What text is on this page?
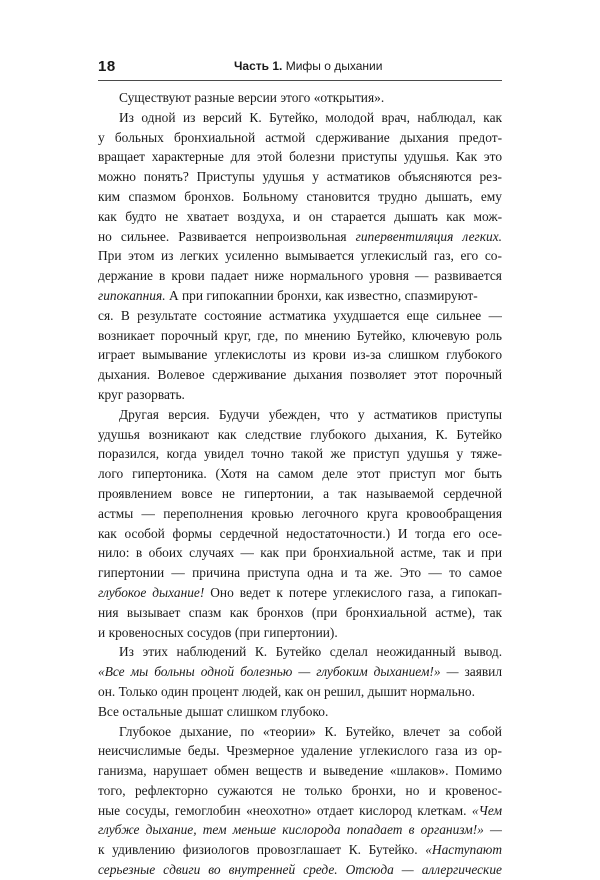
18	Часть 1. Мифы о дыхании
Существуют разные версии этого «открытия».
Из одной из версий К. Бутейко, молодой врач, наблюдал, как
у больных бронхиальной астмой сдерживание дыхания предот-
вращает характерные для этой болезни приступы удушья. Как это
можно понять? Приступы удушья у астматиков объясняются рез-
ким спазмом бронхов. Больному становится трудно дышать, ему
как будто не хватает воздуха, и он старается дышать как мож-
но сильнее. Развивается непроизвольная гипервентиляция легких.
При этом из легких усиленно вымывается углекислый газ, его со-
держание в крови падает ниже нормального уровня — развивается
гипокапния. А при гипокапнии бронхи, как известно, спазмируют-
ся. В результате состояние астматика ухудшается еще сильнее —
возникает порочный круг, где, по мнению Бутейко, ключевую роль
играет вымывание углекислоты из крови из-за слишком глубокого
дыхания. Волевое сдерживание дыхания позволяет этот порочный
круг разорвать.
Другая версия. Будучи убежден, что у астматиков приступы
удушья возникают как следствие глубокого дыхания, К. Бутейко
поразился, когда увидел точно такой же приступ удушья у тяже-
лого гипертоника. (Хотя на самом деле этот приступ мог быть
проявлением вовсе не гипертонии, а так называемой сердечной
астмы — переполнения кровью легочного круга кровообращения
как особой формы сердечной недостаточности.) И тогда его осе-
нило: в обоих случаях — как при бронхиальной астме, так и при
гипертонии — причина приступа одна и та же. Это — то самое
глубокое дыхание! Оно ведет к потере углекислого газа, а гипокап-
ния вызывает спазм как бронхов (при бронхиальной астме), так
и кровеносных сосудов (при гипертонии).
Из этих наблюдений К. Бутейко сделал неожиданный вывод.
«Все мы больны одной болезнью — глубоким дыханием!» — заявил
он. Только один процент людей, как он решил, дышит нормально.
Все остальные дышат слишком глубоко.
Глубокое дыхание, по «теории» К. Бутейко, влечет за собой
неисчислимые беды. Чрезмерное удаление углекислого газа из ор-
ганизма, нарушает обмен веществ и выведение «шлаков». Помимо
того, рефлекторно сужаются не только бронхи, но и кровенос-
ные сосуды, гемоглобин «неохотно» отдает кислород клеткам. «Чем
глубже дыхание, тем меньше кислорода попадает в организм!» —
к удивлению физиологов провозглашает К. Бутейко. «Наступают
серьезные сдвиги во внутренней среде. Отсюда — аллергические
